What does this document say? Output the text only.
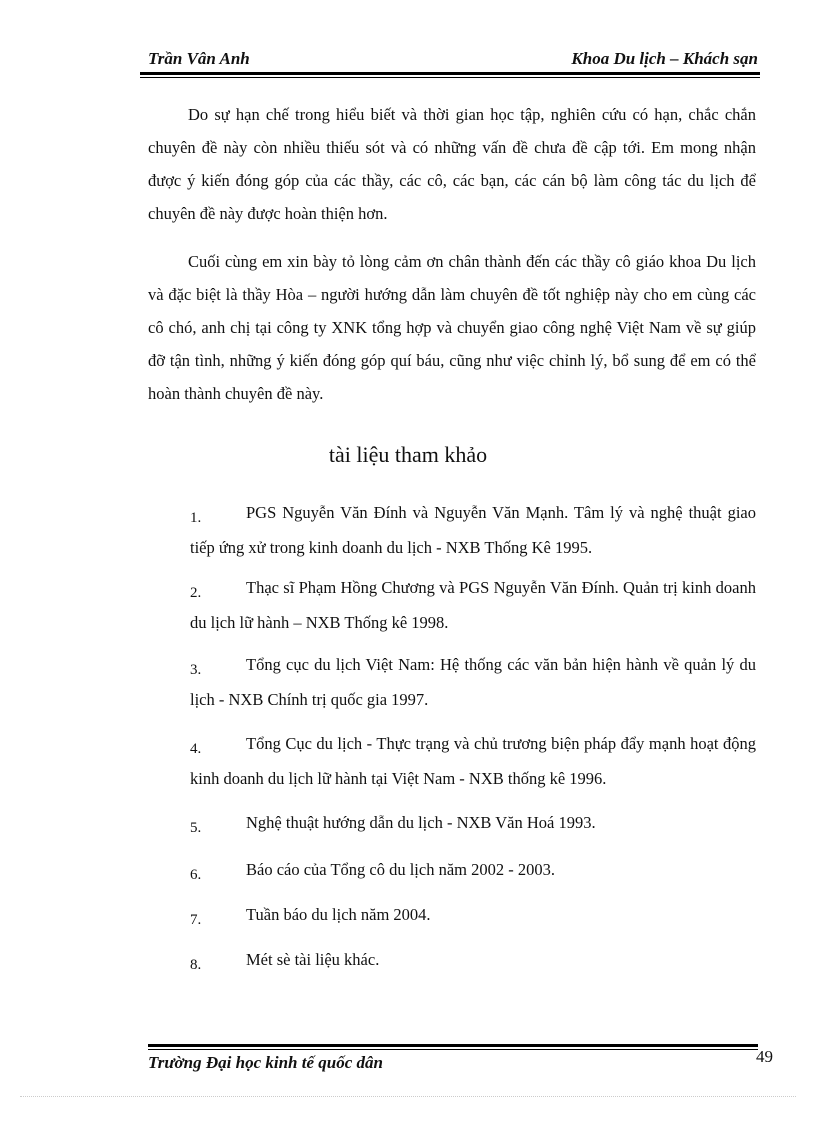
Trần Vân Anh	Khoa Du lịch – Khách sạn

Do sự hạn chế trong hiểu biết và thời gian học tập, nghiên cứu có hạn, chắc chắn chuyên đề này còn nhiều thiếu sót và có những vấn đề chưa đề cập tới. Em mong nhận được ý kiến đóng góp của các thầy, các cô, các bạn, các cán bộ làm công tác du lịch để chuyên đề này được hoàn thiện hơn.

Cuối cùng em xin bày tỏ lòng cảm ơn chân thành đến các thầy cô giáo khoa Du lịch và đặc biệt là thầy Hòa – người hướng dẫn làm chuyên đề tốt nghiệp này cho em cùng các cô chó, anh chị tại công ty XNK tổng hợp và chuyển giao công nghệ Việt Nam về sự giúp đỡ tận tình, những ý kiến đóng góp quí báu, cũng như việc chỉnh lý, bổ sung để em có thể hoàn thành chuyên đề này.

tài liệu tham khảo
1.	PGS Nguyễn Văn Đính và Nguyễn Văn Mạnh. Tâm lý và nghệ thuật giao tiếp ứng xử trong kinh doanh du lịch - NXB Thống Kê 1995.
2.	Thạc sĩ Phạm Hồng Chương và PGS Nguyễn Văn Đính. Quản trị kinh doanh du lịch lữ hành – NXB Thống kê 1998.
3.	Tổng cục du lịch Việt Nam: Hệ thống các văn bản hiện hành về quản lý du lịch - NXB Chính trị quốc gia 1997.
4.	Tổng Cục du lịch - Thực trạng và chủ trương biện pháp đẩy mạnh hoạt động kinh doanh du lịch lữ hành tại Việt Nam - NXB thống kê 1996.
5.	Nghệ thuật hướng dẫn du lịch - NXB Văn Hoá 1993.
6.	Báo cáo của Tổng cô du lịch năm 2002 - 2003.
7.	Tuần báo du lịch năm 2004.
8.	Mét sè tài liệu khác.
Trường Đại học kinh tế quốc dân	49
